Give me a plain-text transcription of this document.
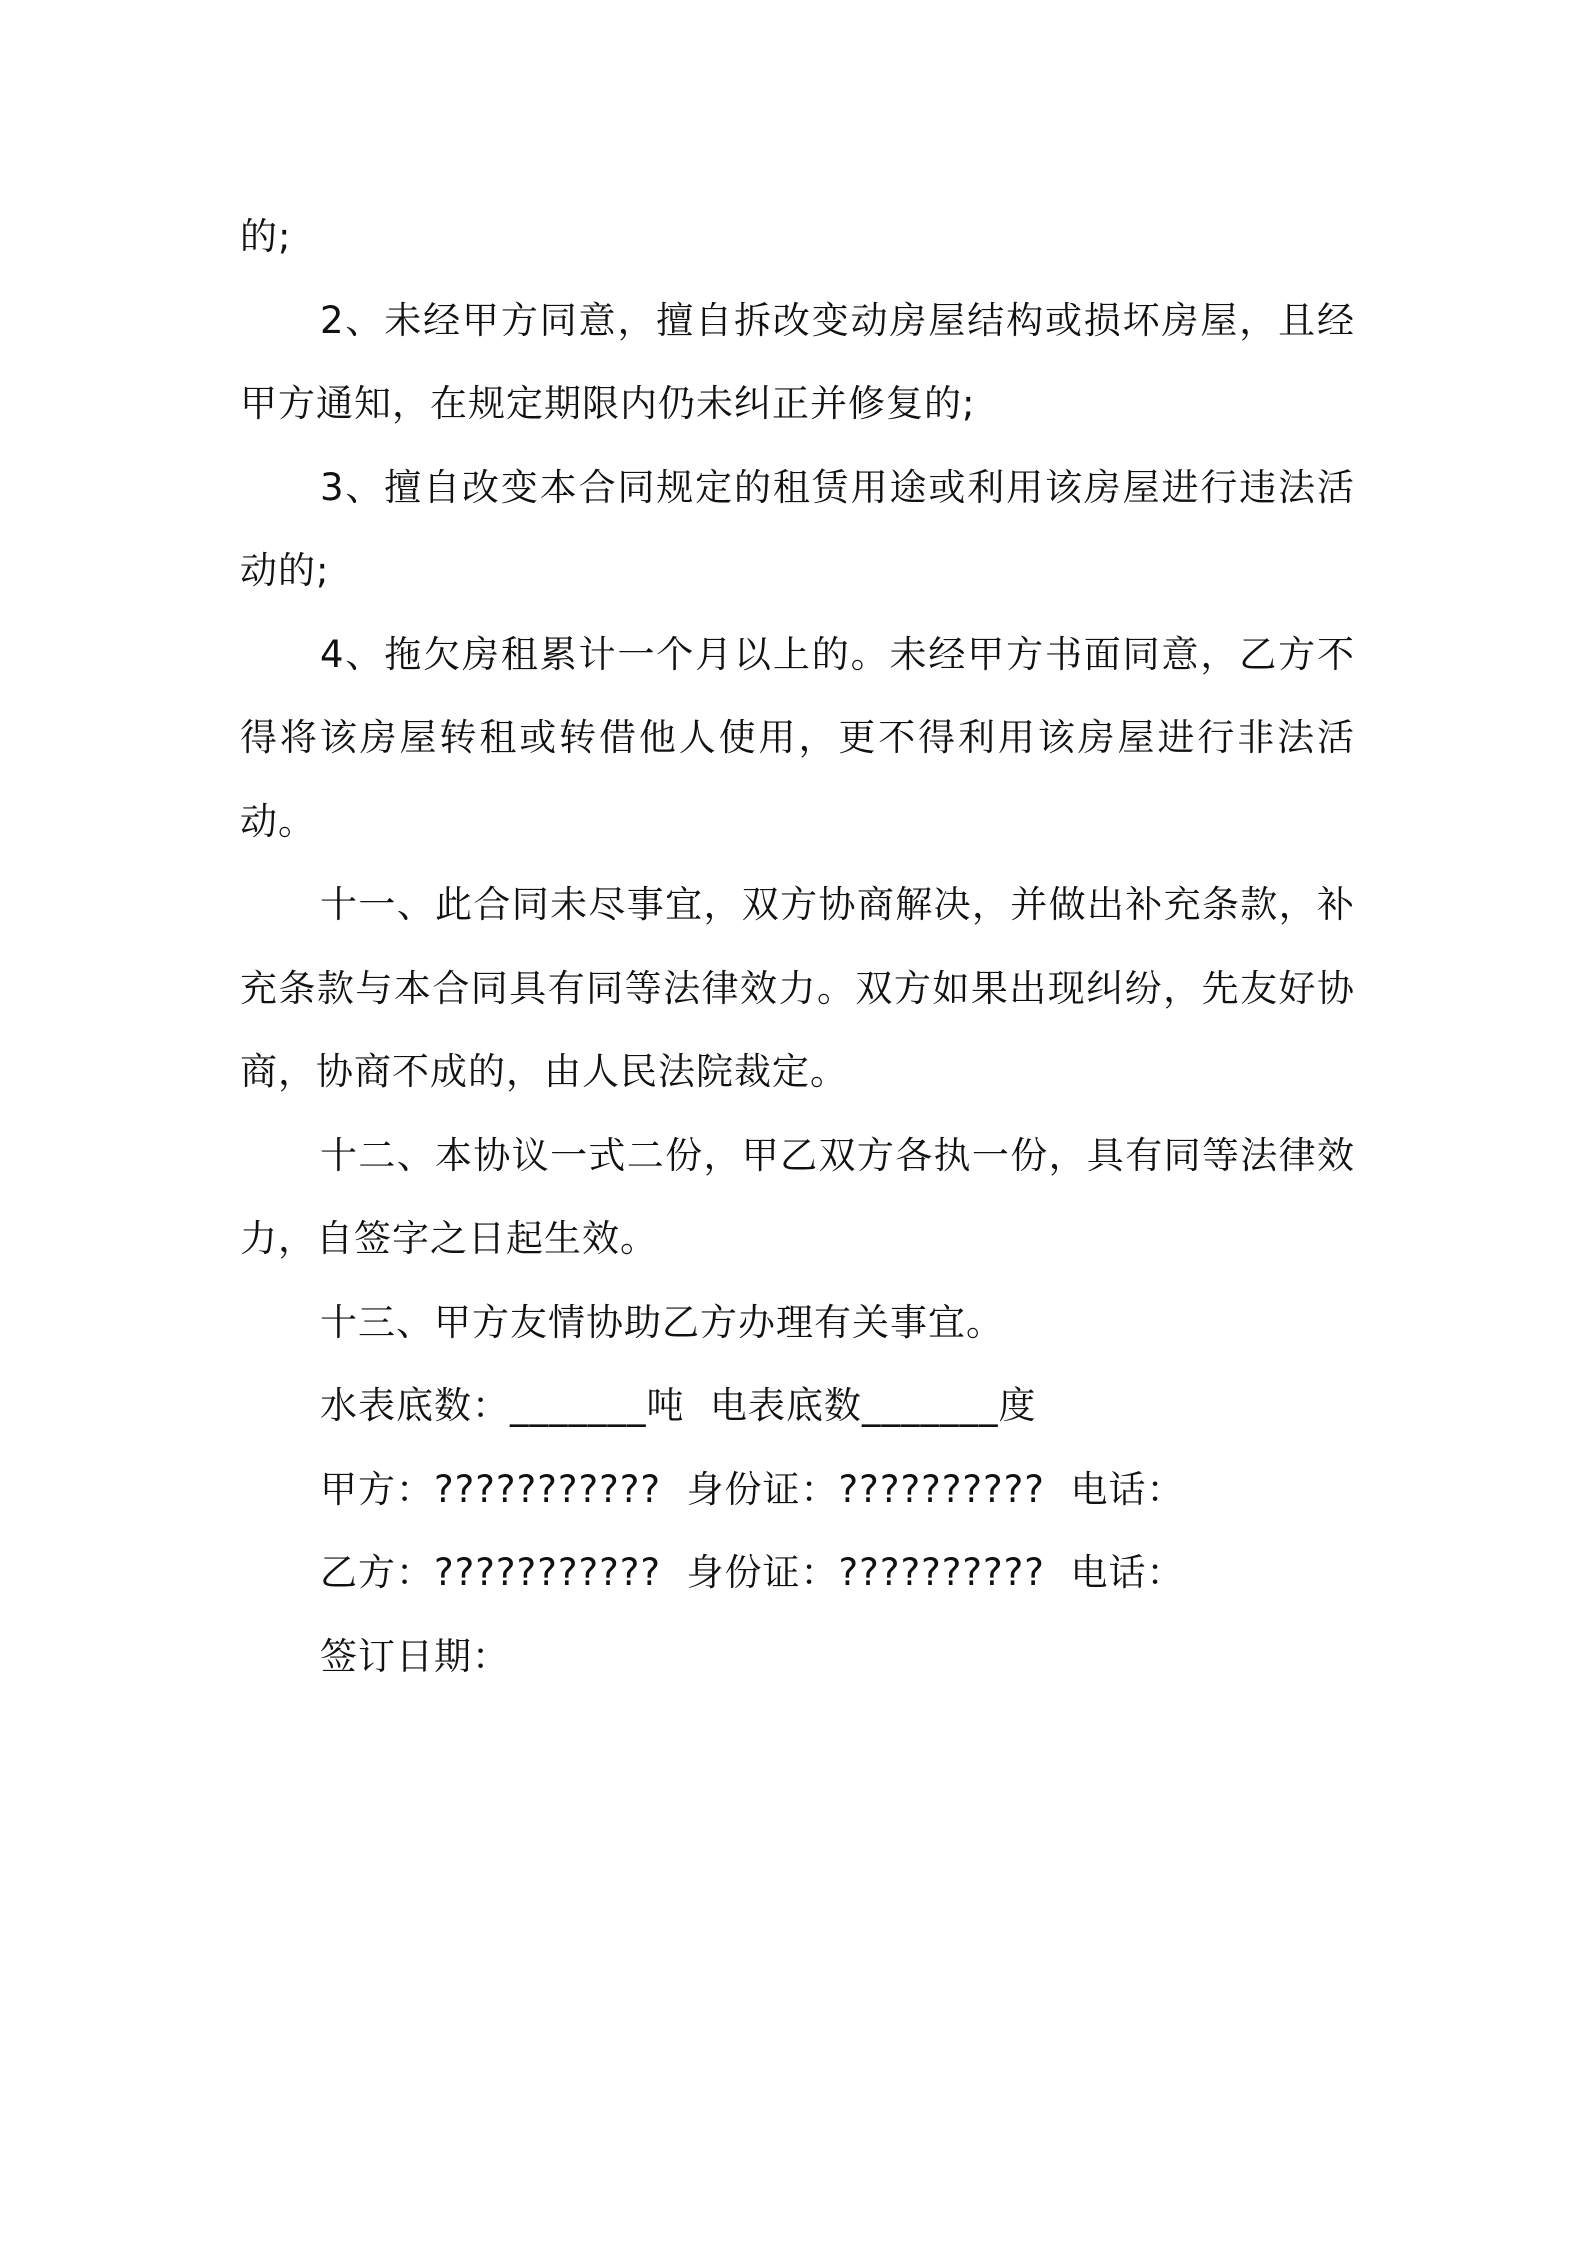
的;

2、未经甲方同意，擅自拆改变动房屋结构或损坏房屋，且经甲方通知，在规定期限内仍未纠正并修复的;

3、擅自改变本合同规定的租赁用途或利用该房屋进行违法活动的;

4、拖欠房租累计一个月以上的。未经甲方书面同意，乙方不得将该房屋转租或转借他人使用，更不得利用该房屋进行非法活动。

十一、此合同未尽事宜，双方协商解决，并做出补充条款，补充条款与本合同具有同等法律效力。双方如果出现纠纷，先友好协商，协商不成的，由人民法院裁定。

十二、本协议一式二份，甲乙双方各执一份，具有同等法律效力，自签字之日起生效。

十三、甲方友情协助乙方办理有关事宜。

水表底数：_______吨  电表底数_______度

甲方：???????????  身份证：??????????  电话：

乙方：???????????  身份证：??????????  电话：

签订日期：
